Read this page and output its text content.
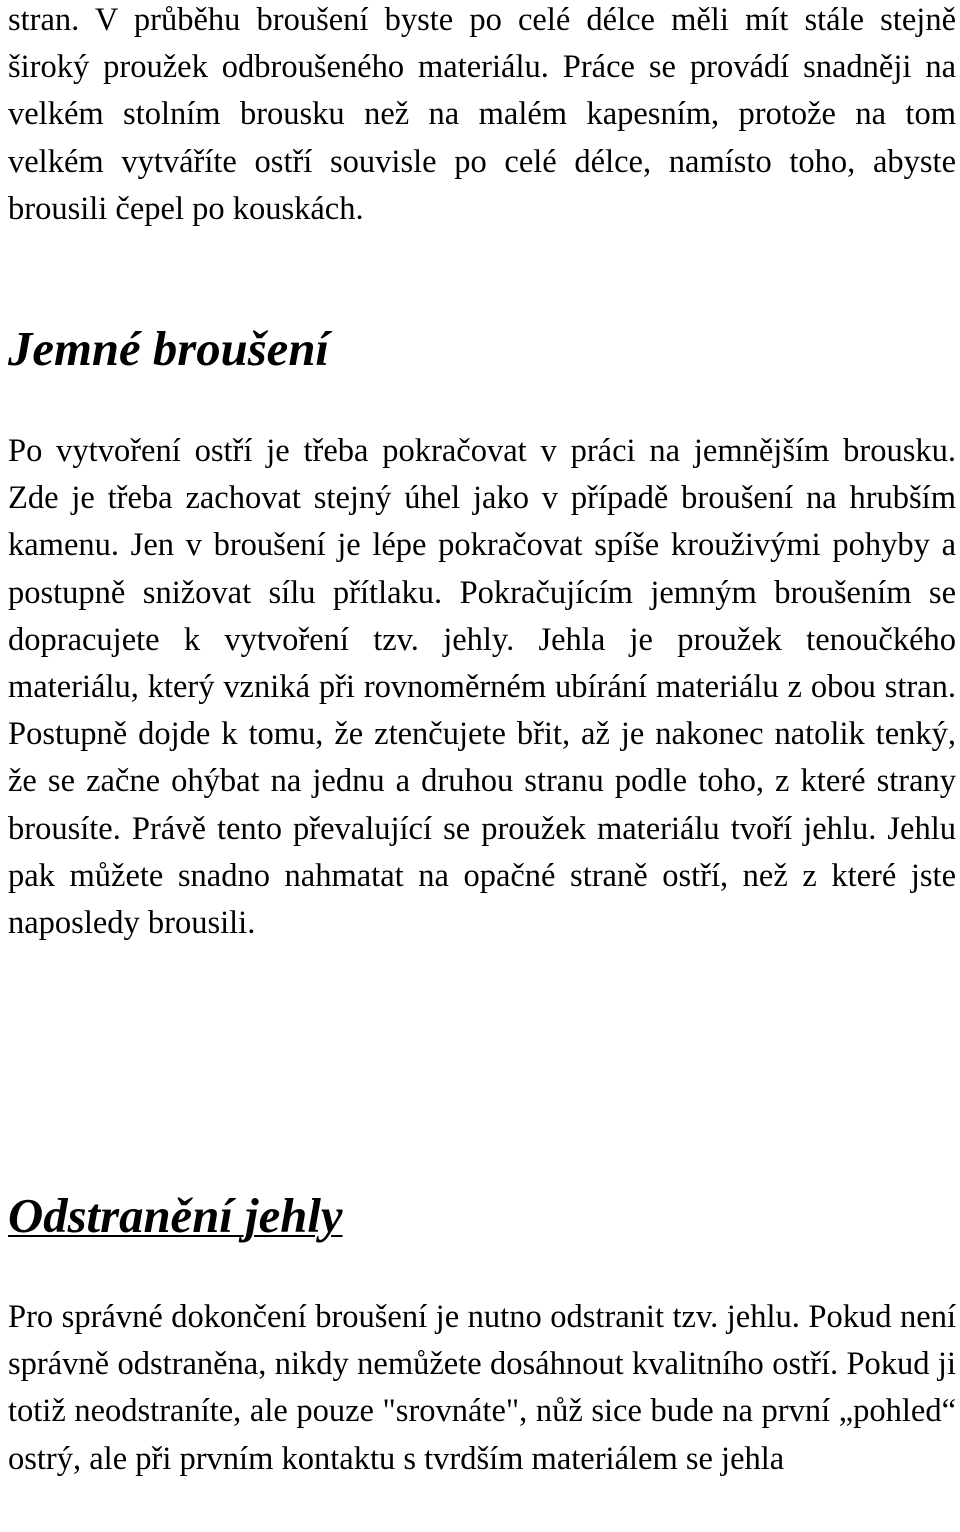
stran. V průběhu broušení byste po celé délce měli mít stále stejně široký proužek odbroušeného materiálu. Práce se provádí snadněji na velkém stolním brousku než na malém kapesním, protože na tom velkém vytváříte ostří souvisle po celé délce, namísto toho, abyste brousili čepel po kouskách.

Jemné broušení

Po vytvoření ostří je třeba pokračovat v práci na jemnějším brousku. Zde je třeba zachovat stejný úhel jako v případě broušení na hrubším kamenu. Jen v broušení je lépe pokračovat spíše krouživými pohyby a postupně snižovat sílu přítlaku. Pokračujícím jemným broušením se dopracujete k vytvoření tzv. jehly. Jehla je proužek tenoučkého materiálu, který vzniká při rovnoměrném ubírání materiálu z obou stran. Postupně dojde k tomu, že ztenčujete břit, až je nakonec natolik tenký, že se začne ohýbat na jednu a druhou stranu podle toho, z které strany brousíte. Právě tento převalující se proužek materiálu tvoří jehlu. Jehlu pak můžete snadno nahmatat na opačné straně ostří, než z které jste naposledy brousili.

Odstranění jehly

Pro správné dokončení broušení je nutno odstranit tzv. jehlu. Pokud není správně odstraněna, nikdy nemůžete dosáhnout kvalitního ostří. Pokud ji totiž neodstraníte, ale pouze "srovnáte", nůž sice bude na první „pohled“ ostrý, ale při prvním kontaktu s tvrdším materiálem se jehla
